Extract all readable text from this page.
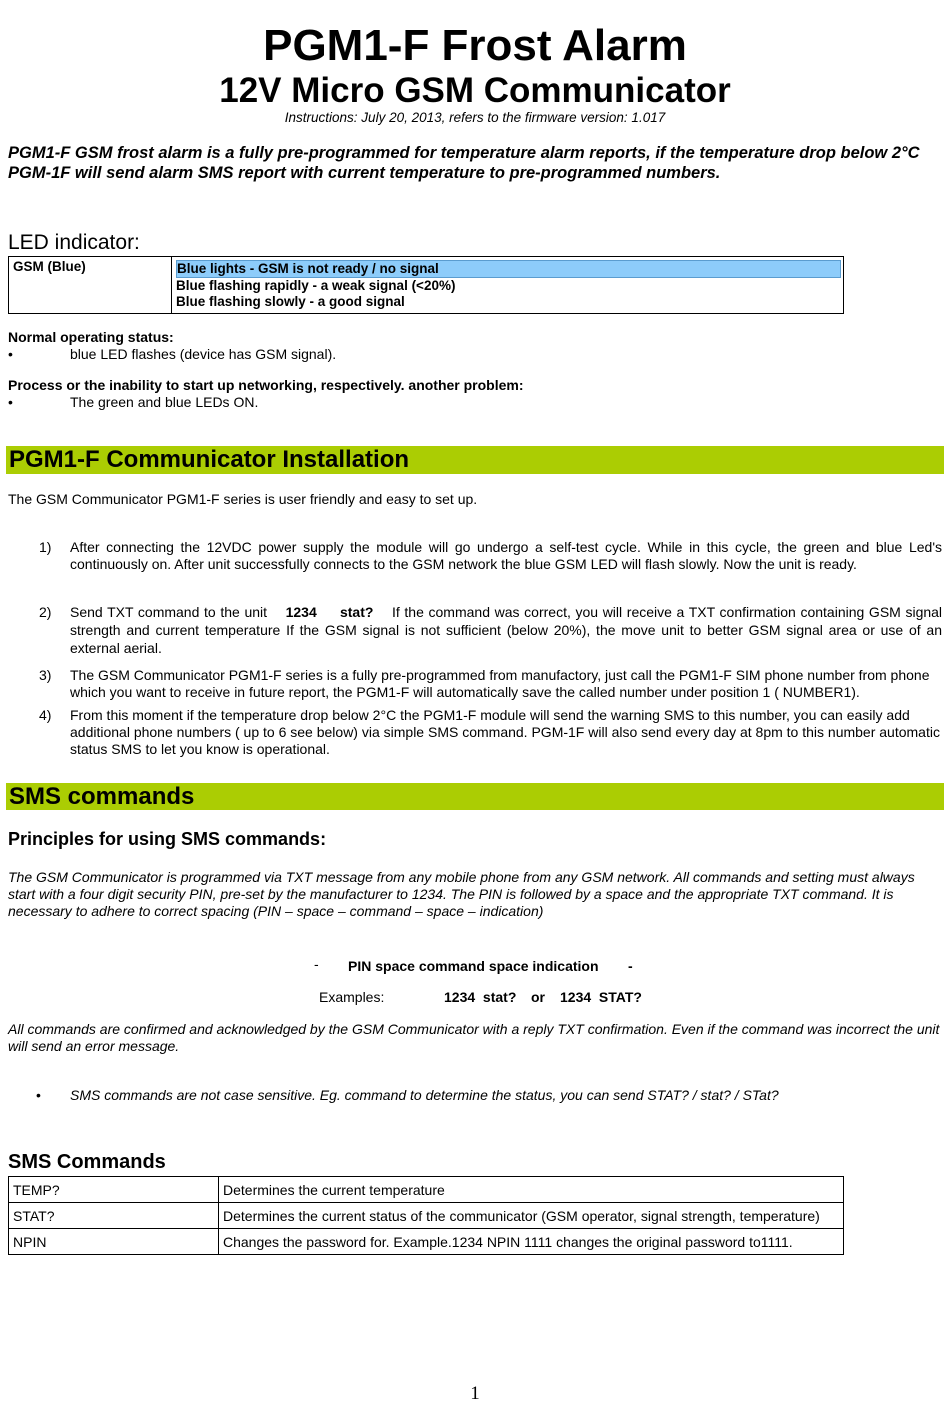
PGM1-F Frost Alarm
12V Micro GSM Communicator
Instructions: July 20, 2013, refers to the firmware version: 1.017
PGM1-F GSM frost alarm is a fully pre-programmed for temperature alarm reports, if the temperature drop below 2°C PGM-1F will send alarm SMS report with current temperature to pre-programmed numbers.
LED indicator:
GSM (Blue)	Blue lights - GSM is not ready / no signal
Blue flashing rapidly - a weak signal (<20%)
Blue flashing slowly - a good signal
Normal operating status:
•	blue LED flashes (device has GSM signal).
Process or the inability to start up networking, respectively. another problem:
•	The green and blue LEDs ON.
PGM1-F Communicator Installation
The GSM Communicator PGM1-F series is user friendly and easy to set up.
1) After connecting the 12VDC power supply the module will go undergo a self-test cycle. While in this cycle, the green and blue Led's continuously on. After unit successfully connects to the GSM network the blue GSM LED will flash slowly. Now the unit is ready.
2) Send TXT command to the unit 1234     stat? If the command was correct, you will receive a TXT confirmation containing GSM signal strength and current temperature If the GSM signal is not sufficient (below 20%), the move unit to better GSM signal area or use of an external aerial.
3) The GSM Communicator PGM1-F series is a fully pre-programmed from manufactory, just call the PGM1-F SIM phone number from phone which you want to receive in future report, the PGM1-F will automatically save the called number under position 1 ( NUMBER1).
4) From this moment if the temperature drop below 2°C the PGM1-F module will send the warning SMS to this number, you can easily add additional phone numbers ( up to 6 see below) via simple SMS command. PGM-1F will also send every day at 8pm to this number automatic status SMS to let you know is operational.
SMS commands
Principles for using SMS commands:
The GSM Communicator is programmed via TXT message from any mobile phone from any GSM network. All commands and setting must always start with a four digit security PIN, pre-set by the manufacturer to 1234. The PIN is followed by a space and the appropriate TXT command. It is necessary to adhere to correct spacing (PIN – space – command – space – indication)
- PIN space command space indication -
Examples:	1234  stat? or 1234  STAT?
All commands are confirmed and acknowledged by the GSM Communicator with a reply TXT confirmation. Even if the command was incorrect the unit will send an error message.
• SMS commands are not case sensitive. Eg. command to determine the status, you can send STAT? / stat? / STat?
SMS Commands
TEMP?	Determines the current temperature
STAT?	Determines the current status of the communicator (GSM operator, signal strength, temperature)
NPIN	Changes the password for. Example.1234 NPIN 1111 changes the original password to1111.
1
